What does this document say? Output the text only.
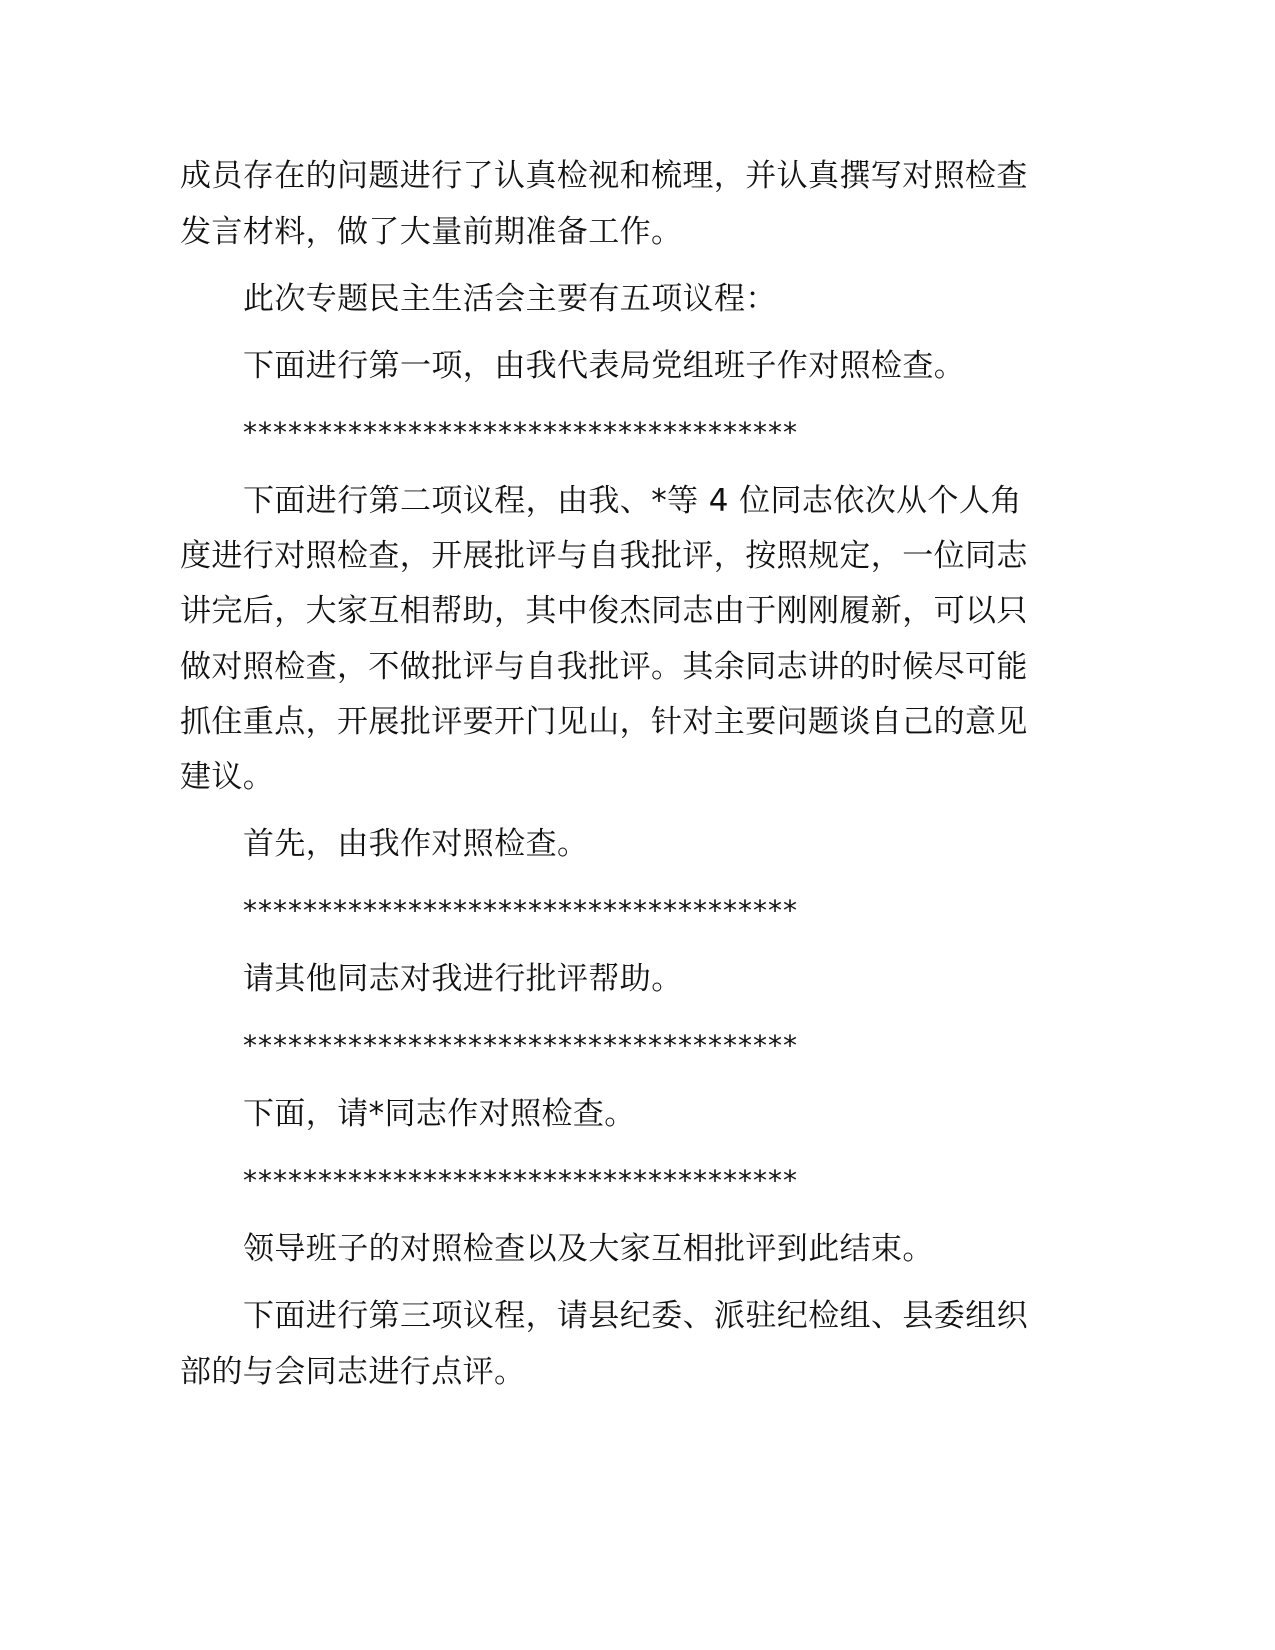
成员存在的问题进行了认真检视和梳理，并认真撰写对照检查
发言材料，做了大量前期准备工作。
此次专题民主生活会主要有五项议程：
下面进行第一项，由我代表局党组班子作对照检查。
*************************************
下面进行第二项议程，由我、*等 4 位同志依次从个人角
度进行对照检查，开展批评与自我批评，按照规定，一位同志
讲完后，大家互相帮助，其中俊杰同志由于刚刚履新，可以只
做对照检查，不做批评与自我批评。其余同志讲的时候尽可能
抓住重点，开展批评要开门见山，针对主要问题谈自己的意见
建议。
首先，由我作对照检查。
*************************************
请其他同志对我进行批评帮助。
*************************************
下面，请*同志作对照检查。
*************************************
领导班子的对照检查以及大家互相批评到此结束。
下面进行第三项议程，请县纪委、派驻纪检组、县委组织
部的与会同志进行点评。
